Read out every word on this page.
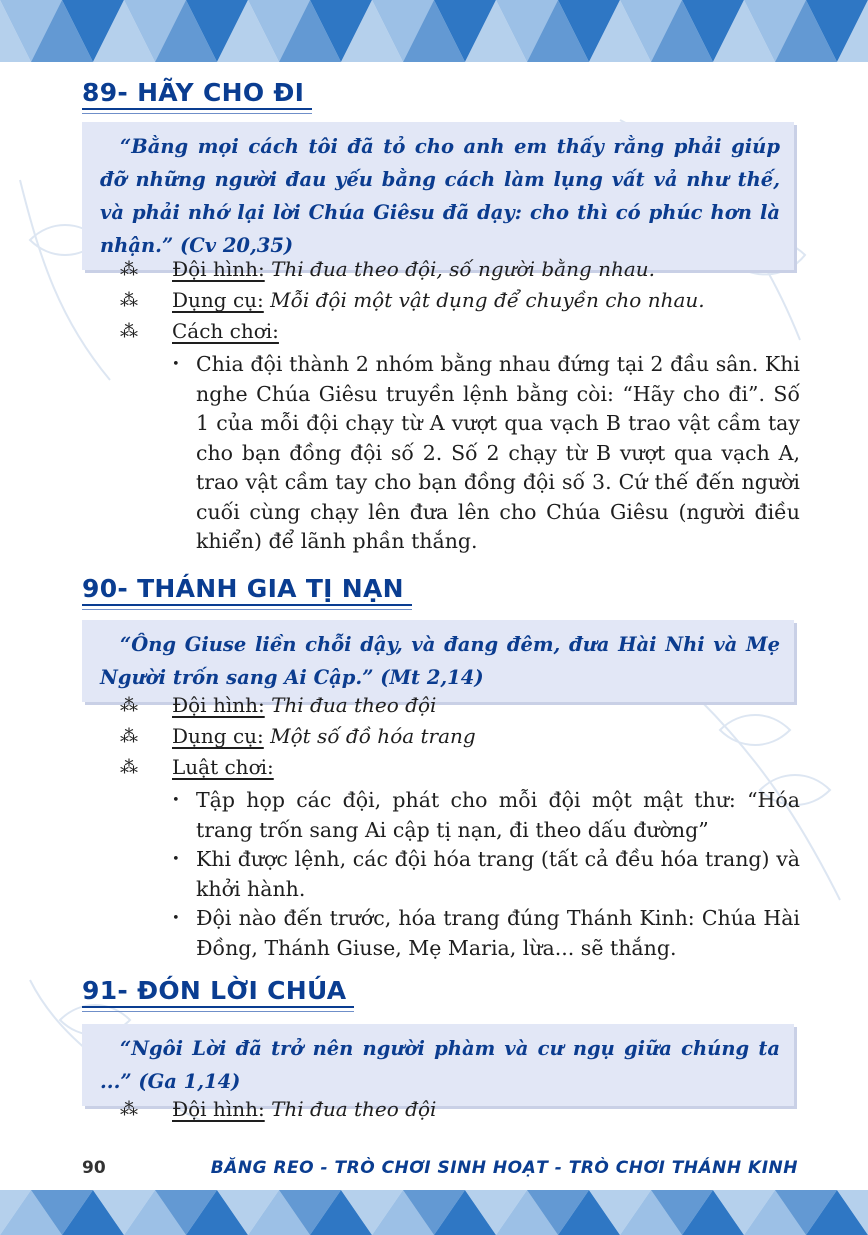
89- HÃY CHO ĐI
“Bằng mọi cách tôi đã tỏ cho anh em thấy rằng phải giúp đỡ những người đau yếu bằng cách làm lụng vất vả như thế, và phải nhớ lại lời Chúa Giêsu đã dạy: cho thì có phúc hơn là nhận.” (Cv 20,35)
⁂ Đội hình: Thi đua theo đội, số người bằng nhau.
⁂ Dụng cụ: Mỗi đội một vật dụng để chuyền cho nhau.
⁂ Cách chơi:
• Chia đội thành 2 nhóm bằng nhau đứng tại 2 đầu sân. Khi nghe Chúa Giêsu truyền lệnh bằng còi: “Hãy cho đi”. Số 1 của mỗi đội chạy từ A vượt qua vạch B trao vật cầm tay cho bạn đồng đội số 2. Số 2 chạy từ B vượt qua vạch A, trao vật cầm tay cho bạn đồng đội số 3. Cứ thế đến người cuối cùng chạy lên đưa lên cho Chúa Giêsu (người điều khiển) để lãnh phần thắng.
90- THÁNH GIA TỊ NẠN
“Ông Giuse liền chỗi dậy, và đang đêm, đưa Hài Nhi và Mẹ Người trốn sang Ai Cập.” (Mt 2,14)
⁂ Đội hình: Thi đua theo đội
⁂ Dụng cụ: Một số đồ hóa trang
⁂ Luật chơi:
• Tập họp các đội, phát cho mỗi đội một mật thư: “Hóa trang trốn sang Ai cập tị nạn, đi theo dấu đường”
• Khi được lệnh, các đội hóa trang (tất cả đều hóa trang) và khởi hành.
• Đội nào đến trước, hóa trang đúng Thánh Kinh: Chúa Hài Đồng, Thánh Giuse, Mẹ Maria, lừa... sẽ thắng.
91- ĐÓN LỜI CHÚA
“Ngôi Lời đã trở nên người phàm và cư ngụ giữa chúng ta ...” (Ga 1,14)
⁂ Đội hình: Thi đua theo đội
90	BĂNG REO - TRÒ CHƠI SINH HOẠT - TRÒ CHƠI THÁNH KINH
